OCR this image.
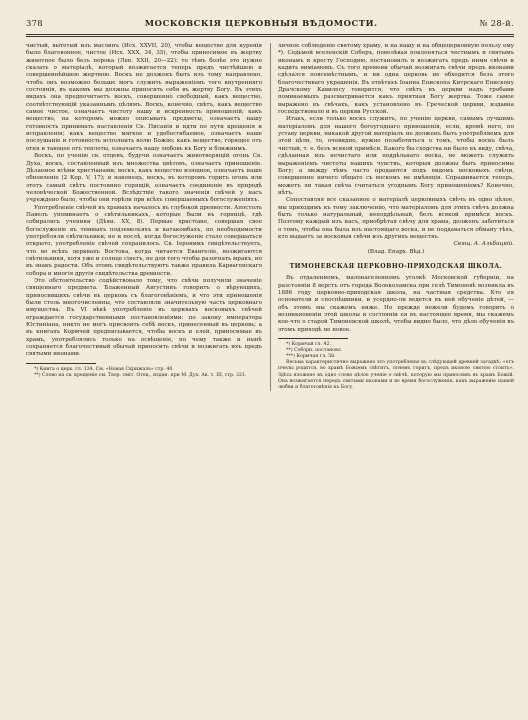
378	МОСКОВСКІЯ ЦЕРКОВНЫЯ ВѢДОМОСТИ.	№ 28-й.

чистый, вытетый изъ маслинъ (Исх. XXVII, 20), чтобы вещество для куренія было благовонное, чистое (Исх. XXX, 34, 35), чтобы приносимое въ жертву животное было безъ порока (Лев. XXII, 20—22): то тѣмъ болѣе это нужно сказать о матеріалѣ, который возжигается теперь предъ чистѣйшею и совершеннѣйшею жертвою. Воскъ не долженъ быть изъ тому направлено, чтобъ онъ возможно больше могъ служить выраженіемъ того внутренняго состоянія, въ какомъ мы должны приносить себя въ жертву Богу. Въ этихъ видахъ она предпочитаетъ воскъ, совершенно свободный, какъ вещество, соотвѣтствующій указаннымъ цѣлямъ. Воскъ, конечно, свѣтъ, какъ вещество самое чистое, означаетъ чистоту нашу и искренность приношеній; какъ вещество, на которомъ можно описывать предметы, означаетъ нашу готовность принимать наставленія Св. Писанія и идти по пути крещенія и исправленія; какъ вещество мягкое и удобосгибаемое, означаетъ наше послушаніе и готовность исполнить волю Божію; какъ вещество, горящее отъ огня и тающее отъ теплоты, означаетъ нашу любовь къ Богу и ближнимъ.

Воскъ, по ученію св. отцевъ, будучи означаетъ животворящій огонь Св. Духа, воскъ, составленный изъ множества цвѣтовъ, означаетъ приношеніе. Дѣлаемое всѣми христіанами; воскъ, какъ вещество изящное, означаетъ наше обновленіе (2 Кор. V, 17); и наконецъ, воскъ, въ которомъ горитъ огонь или этотъ самый свѣтъ постоянно горящій, означаетъ соединеніе въ природѣ человѣческой Божественной. Вслѣдствіе такого значенія свѣчей у насъ учреждено было, чтобы они горѣли при всѣхъ совершаемыхъ богослуженіяхъ.

Употребленіе свѣчей въ храмахъ началось въ глубокой древности. Апостолъ Павелъ упоминаетъ о свѣтильникахъ, которые были въ горницѣ, гдѣ собирались ученики (Дѣян. XX, 8). Первые христіане, совершая свое богослуженіе въ темныхъ подземельяхъ и катакомбахъ, по необходимости употребляли свѣтильники; но и послѣ, когда богослуженіе стало совершаться открыто, употребленіе свѣчей сохранилось. Св. Іеронимъ свидѣтельствуетъ, что во всѣхъ церквахъ Востока, когда читается Евангеліе, возжигаются свѣтильники, хотя уже и солнце сіяетъ, не для того чтобы разогнать мракъ, но въ знакъ радости. Объ этомъ свидѣтельствуютъ также правила Карѳагенскаго собора и многія другія свидѣтельства древности.

Это обстоятельство содѣйствовало тому, что свѣчи получили значеніе священнаго предмета. Блаженный Августинъ говоритъ о вѣрующихъ, приносившихъ свѣчи въ церковь съ благоговѣніемъ, и что эти приношенія были столь многочисленны, что составляли значительную часть церковнаго имущества. Въ VI вѣкѣ употребленіе въ церквахъ восковыхъ свѣчей ограждается государственными постановленіями: по закону императора Юстиніана, никто не могъ присвоить себѣ воскъ, принесенный въ церковь; а въ книгахъ Кормчей предписывается, чтобы воскъ и елей, приносимые въ храмъ, употреблялись только на освѣщеніе, по чему также и нынѣ сохраняется благочестивый обычай приносить свѣчи и возжигать ихъ предъ святыми иконами.

*) Книга о церк. гл. 134. См. «Новая Скрижаль» стр. 40.

**) Слово на св. крещеніе см. Твор. свят. Отец., издан. при М. Дух. Ак. т. III, стр. 321.

личное соблюденіе святому храму, и на нашу и на общецерковную пользу ему *). Седьмой вселенскій Соборъ, повелѣвая поклоняться честнымъ и святымъ иконамъ и кресту Господню, постановилъ и возжигать предъ ними свѣчи и кадить ѳиміамомъ. Съ того времени обычай возжигать свѣчи предъ иконами сдѣлался повсемѣстнымъ, и ни одна церковь не обходится безъ этого благочестиваго украшенія. Въ отвѣтахъ Іоанна Епископа Китрскаго Епископу Драчскому Кавилесу говорится, что свѣтъ въ церкви надъ гробами поминаемыхъ разсматривается какъ приятная Богу жертва. Тоже самое выражено въ свѣчахъ, какъ установлено въ Греческой церкви, издавна господствовало и въ церкви Русской.

Итакъ, если только воскъ служитъ, по ученію церкви, самымъ лучшимъ матеріаломъ для нашего богоугоднаго приношенія, если, кромѣ него, по уставу церкви, никакой другой матеріалъ не долженъ быть употребляемъ для этой цѣли, то, очевидно, нужно позаботиться о томъ, чтобы воскъ былъ чистый, т. е. безъ всякой примѣси. Какого бы сходства ни было въ виду, свѣча, сдѣланная изъ нечистаго или поддѣльнаго воска, не можетъ служить выраженіемъ чистоты нашихъ чувствъ, которыя должны быть приносимы Богу; а между тѣмъ часто продаются подъ видомъ восковыхъ свѣчи, совершенно ничего общаго съ воскомъ не имѣющія. Спрашивается теперь, можетъ ли такая свѣча считаться угоднымъ Богу приношеніемъ? Конечно, нѣтъ.

Сопоставляя все сказанное о матеріалѣ церковныхъ свѣчъ въ одно цѣлое, мы приходимъ къ тому заключенію, что матеріаломъ для этихъ свѣчъ должна быть только натуральный, неподдѣльный, безъ всякой примѣси воскъ. Поэтому каждый изъ насъ, приобрѣтая свѣчу для храма, долженъ заботиться о томъ, чтобы она была изъ настоящаго воска, и не поддаваться обману тѣхъ, кто выдаетъ за восковыя свѣчи изъ другихъ веществъ.

Свящ. А. Альбицкій.

(Влад. Епарх. Вѣд.)

ТИМОНЕВСКАЯ ЦЕРКОВНО-ПРИХОДСКАЯ ШКОЛА.

Въ отдаленномъ, малонаселенномъ уголкѣ Московской губерніи, на разстояніи 8 верстъ отъ города Волоколамска при селѣ Тимоневѣ возникла въ 1886 году церковно-приходская школа, на частныя средства. Кто ея основатели и споспѣшники, и усердно-ли ведется въ ней обученіе дѣтей, — объ этомъ мы скажемъ ниже. Но прежде нежели будемъ говорить о возникновеніи этой школы и состояніи ея въ настоящее время, мы скажемъ кое-что о старой Тимоневской школѣ, чтобы видно было, что дѣло обученія въ этомъ приходѣ не новое.

*) Кормчая гл. 42.

**) Соборн. постановл.

***) Кормчая гл. 58.

Весьма характеристично выражено это употребленіе въ слѣдующей древней загадкѣ: «отъ пчелы родится, во храмѣ Божіемъ свѣтитъ, огнемъ горитъ, предъ иконою святою стоитъ». Здѣсь вложено въ одно слово цѣлое ученіе о свѣчѣ, которую мы приносимъ въ храмъ Божій. Она возжигается передъ святыми иконами и во время богослуженія, какъ выраженіе нашей любви и благоговѣнія къ Богу.
